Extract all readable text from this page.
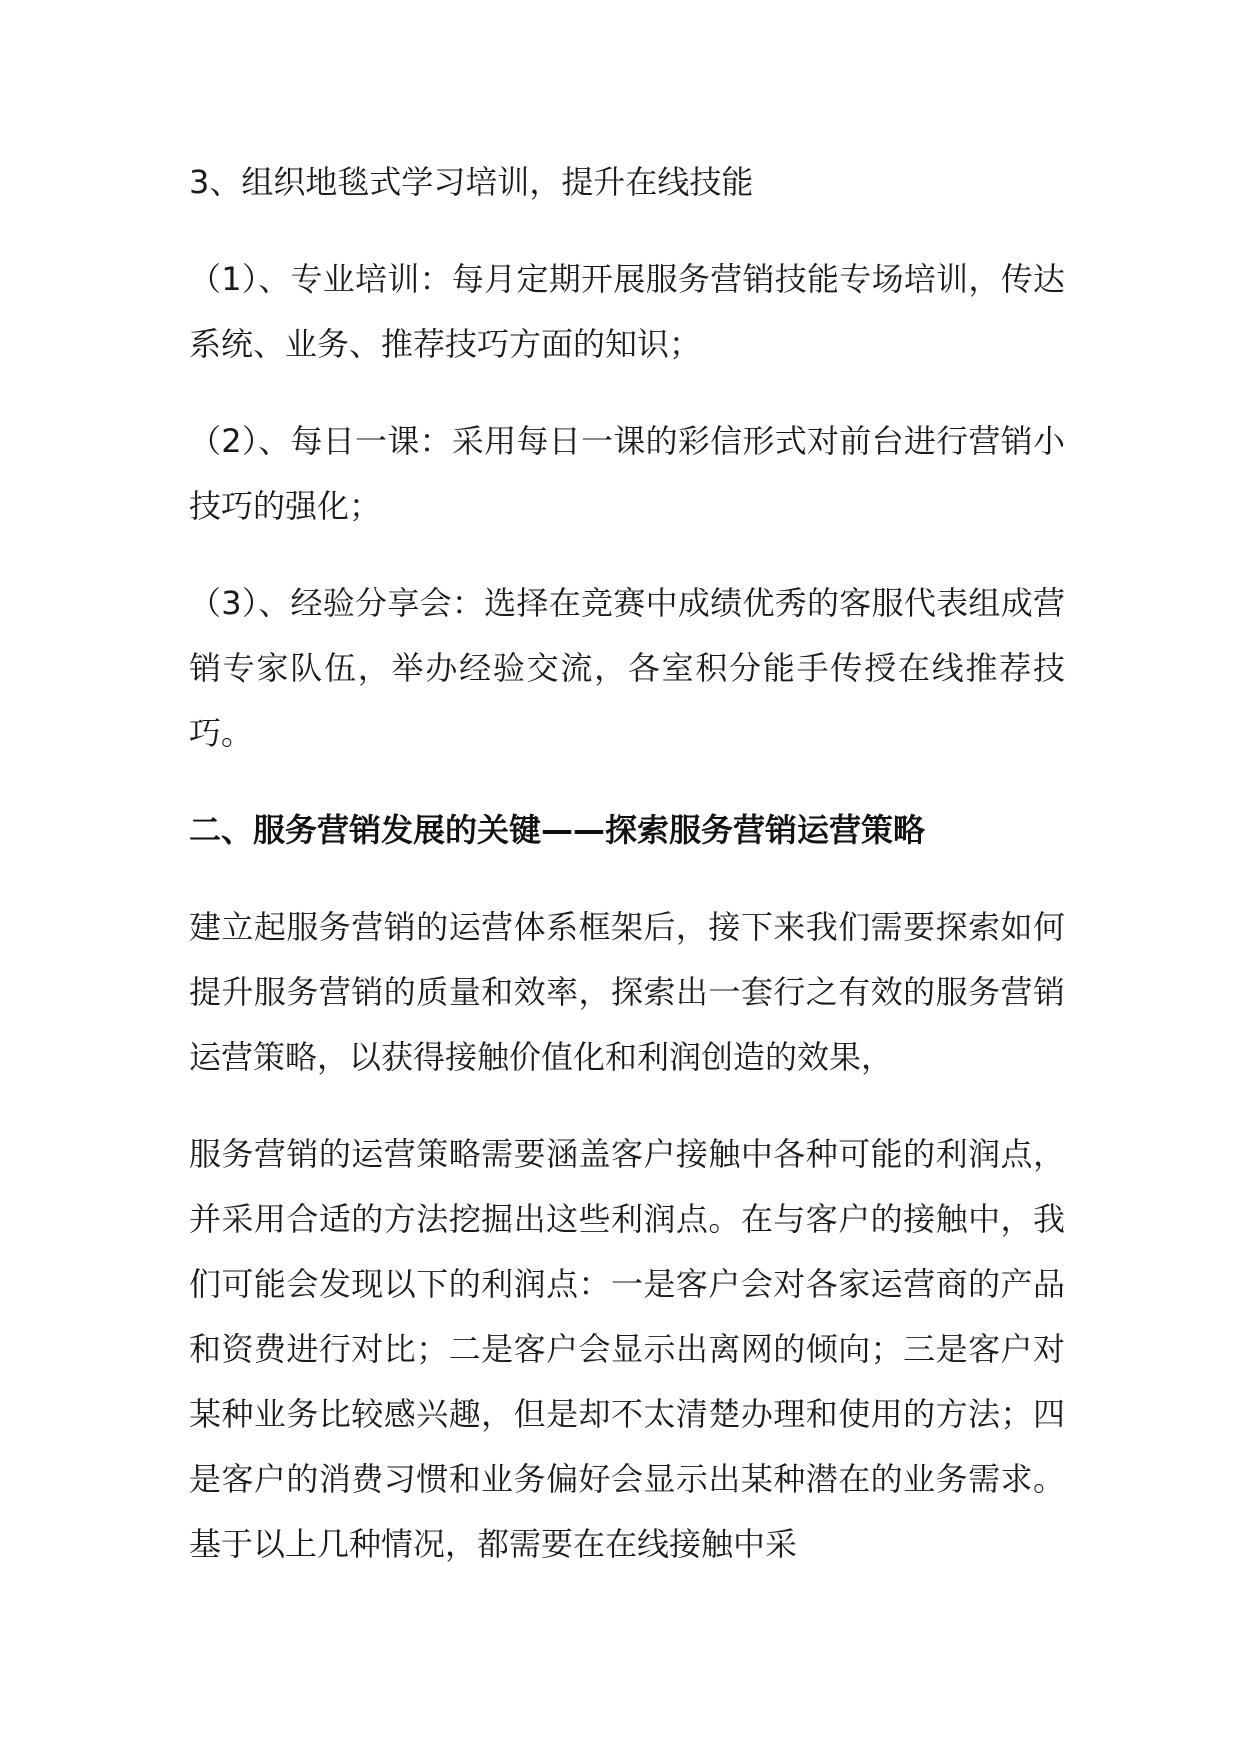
3、组织地毯式学习培训，提升在线技能

（1）、专业培训：每月定期开展服务营销技能专场培训，传达系统、业务、推荐技巧方面的知识；

（2）、每日一课：采用每日一课的彩信形式对前台进行营销小技巧的强化；

（3）、经验分享会：选择在竞赛中成绩优秀的客服代表组成营销专家队伍，举办经验交流，各室积分能手传授在线推荐技巧。

二、服务营销发展的关键——探索服务营销运营策略

建立起服务营销的运营体系框架后，接下来我们需要探索如何提升服务营销的质量和效率，探索出一套行之有效的服务营销运营策略，以获得接触价值化和利润创造的效果，

服务营销的运营策略需要涵盖客户接触中各种可能的利润点，并采用合适的方法挖掘出这些利润点。在与客户的接触中，我们可能会发现以下的利润点：一是客户会对各家运营商的产品和资费进行对比；二是客户会显示出离网的倾向；三是客户对某种业务比较感兴趣，但是却不太清楚办理和使用的方法；四是客户的消费习惯和业务偏好会显示出某种潜在的业务需求。基于以上几种情况，都需要在在线接触中采
